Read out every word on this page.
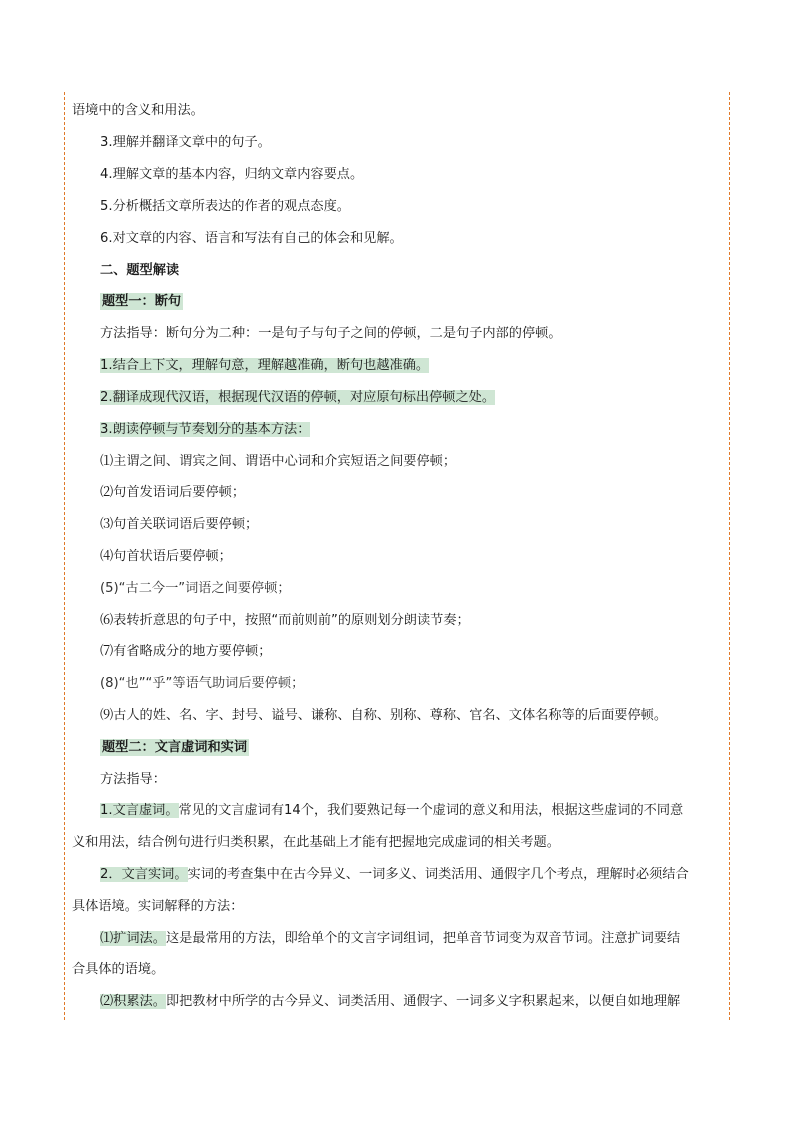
语境中的含义和用法。
3.理解并翻译文章中的句子。
4.理解文章的基本内容，归纳文章内容要点。
5.分析概括文章所表达的作者的观点态度。
6.对文章的内容、语言和写法有自己的体会和见解。
二、题型解读
题型一：断句
方法指导：断句分为二种：一是句子与句子之间的停顿，二是句子内部的停顿。
1.结合上下文，理解句意，理解越准确，断句也越准确。
2.翻译成现代汉语，根据现代汉语的停顿，对应原句标出停顿之处。
3.朗读停顿与节奏划分的基本方法：
⑴主谓之间、谓宾之间、谓语中心词和介宾短语之间要停顿；
⑵句首发语词后要停顿；
⑶句首关联词语后要停顿；
⑷句首状语后要停顿；
(5)“古二今一”词语之间要停顿；
⑹表转折意思的句子中，按照“而前则前”的原则划分朗读节奏；
⑺有省略成分的地方要停顿；
(8)“也”“乎”等语气助词后要停顿；
⑼古人的姓、名、字、封号、谥号、谦称、自称、别称、尊称、官名、文体名称等的后面要停顿。
题型二：文言虚词和实词
方法指导：
1.文言虚词。常见的文言虚词有14个，我们要熟记每一个虚词的意义和用法，根据这些虚词的不同意
义和用法，结合例句进行归类积累，在此基础上才能有把握地完成虚词的相关考题。
2．文言实词。实词的考查集中在古今异义、一词多义、词类活用、通假字几个考点，理解时必须结合
具体语境。实词解释的方法：
⑴扩词法。这是最常用的方法，即给单个的文言字词组词，把单音节词变为双音节词。注意扩词要结
合具体的语境。
⑵积累法。即把教材中所学的古今异义、词类活用、通假字、一词多义字积累起来，以便自如地理解
